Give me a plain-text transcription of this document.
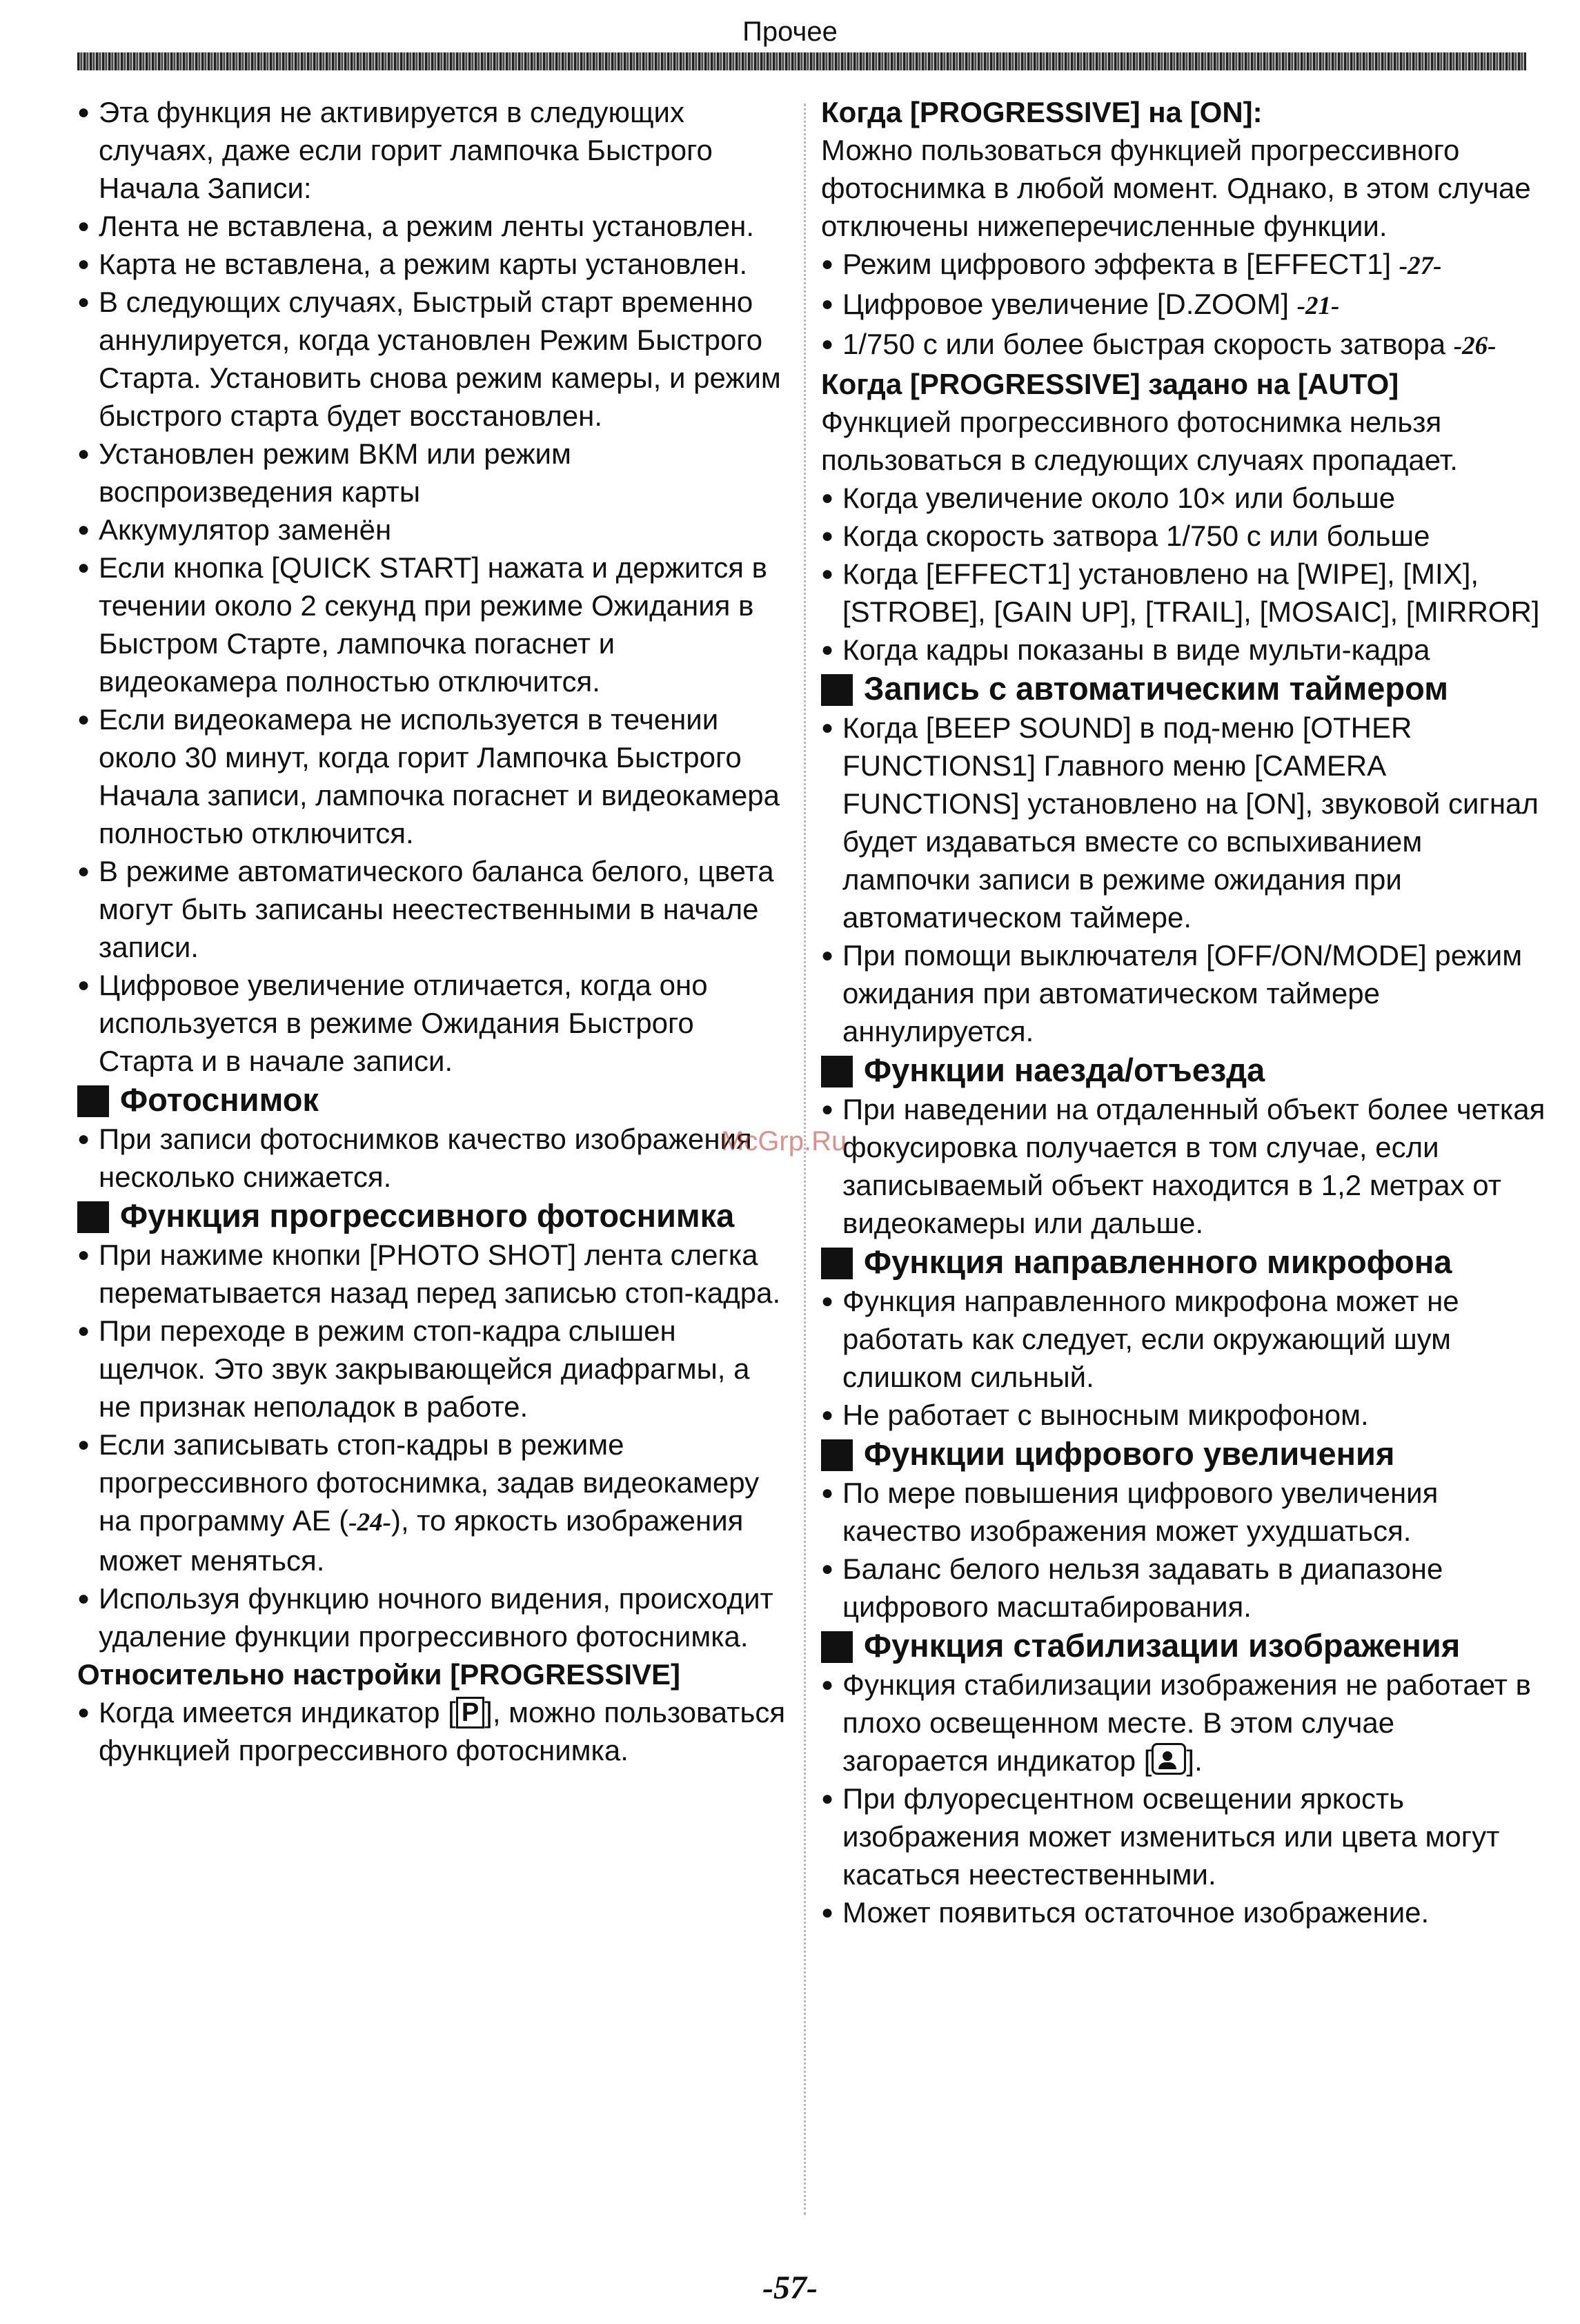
Прочее

● Эта функция не активируется в следующих случаях, даже если горит лампочка Быстрого Начала Записи:

● Лента не вставлена, а режим ленты установлен.

● Карта не вставлена, а режим карты установлен.

● В следующих случаях, Быстрый старт временно аннулируется, когда установлен Режим Быстрого Старта. Установить снова режим камеры, и режим быстрого старта будет восстановлен.

● Установлен режим ВКМ или режим воспроизведения карты

● Аккумулятор заменён

● Если кнопка [QUICK START] нажата и держится в течении около 2 секунд при режиме Ожидания в Быстром Старте, лампочка погаснет и видеокамера полностью отключится.

● Если видеокамера не используется в течении около 30 минут, когда горит Лампочка Быстрого Начала записи, лампочка погаснет и видеокамера полностью отключится.

● В режиме автоматического баланса белого, цвета могут быть записаны неестественными в начале записи.

● Цифровое увеличение отличается, когда оно используется в режиме Ожидания Быстрого Старта и в начале записи.

Фотоснимок

● При записи фотоснимков качество изображения несколько снижается.

Функция прогрессивного фотоснимка

● При нажиме кнопки [PHOTO SHOT] лента слегка перематывается назад перед записью стоп-кадра.

● При переходе в режим стоп-кадра слышен щелчок. Это звук закрывающейся диафрагмы, а не признак неполадок в работе.

● Если записывать стоп-кадры в режиме прогрессивного фотоснимка, задав видеокамеру на программу AE (-24-), то яркость изображения может меняться.

● Используя функцию ночного видения, происходит удаление функции прогрессивного фотоснимка.

Относительно настройки [PROGRESSIVE]

● Когда имеется индикатор [ P ], можно пользоваться функцией прогрессивного фотоснимка.

Когда [PROGRESSIVE] на [ON]:

Можно пользоваться функцией прогрессивного фотоснимка в любой момент. Однако, в этом случае отключены нижеперечисленные функции.

● Режим цифрового эффекта в [EFFECT1] -27-

● Цифровое увеличение [D.ZOOM] -21-

● 1/750 с или более быстрая скорость затвора -26-

Когда [PROGRESSIVE] задано на [AUTO]

Функцией прогрессивного фотоснимка нельзя пользоваться в следующих случаях пропадает.

● Когда увеличение около 10× или больше

● Когда скорость затвора 1/750 с или больше

● Когда [EFFECT1] установлено на [WIPE], [MIX], [STROBE], [GAIN UP], [TRAIL], [MOSAIC], [MIRROR]

● Когда кадры показаны в виде мульти-кадра

Запись с автоматическим таймером

● Когда [BEEP SOUND] в под-меню [OTHER FUNCTIONS1] Главного меню [CAMERA FUNCTIONS] установлено на [ON], звуковой сигнал будет издаваться вместе со вспыхиванием лампочки записи в режиме ожидания при автоматическом таймере.

● При помощи выключателя [OFF/ON/MODE] режим ожидания при автоматическом таймере аннулируется.

Функции наезда/отъезда

● При наведении на отдаленный объект более четкая фокусировка получается в том случае, если записываемый объект находится в 1,2 метрах от видеокамеры или дальше.

Функция направленного микрофона

● Функция направленного микрофона может не работать как следует, если окружающий шум слишком сильный.

● Не работает с выносным микрофоном.

Функции цифрового увеличения

● По мере повышения цифрового увеличения качество изображения может ухудшаться.

● Баланс белого нельзя задавать в диапазоне цифрового масштабирования.

Функция стабилизации изображения

● Функция стабилизации изображения не работает в плохо освещенном месте. В этом случае загорается индикатор [ ].

● При флуоресцентном освещении яркость изображения может измениться или цвета могут касаться неестественными.

● Может появиться остаточное изображение.

McGrp.Ru
-57-
